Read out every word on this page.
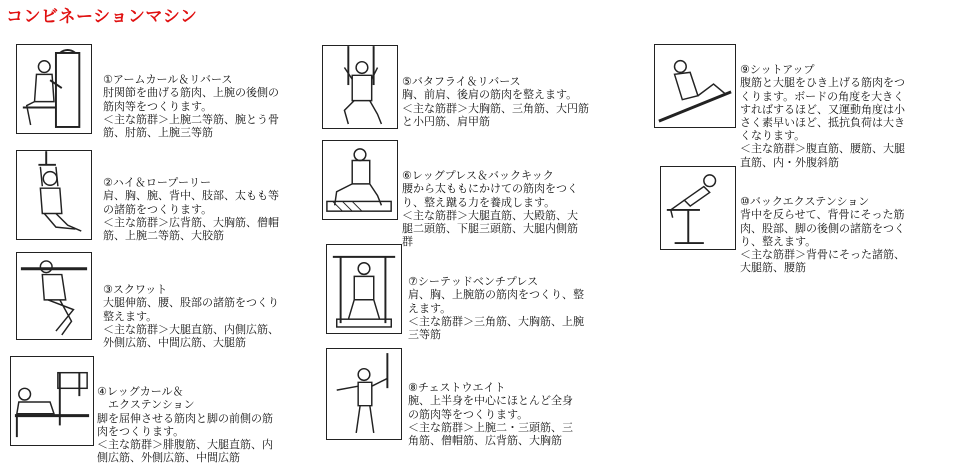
コンビネーションマシン

①アームカール＆リバース
肘関節を曲げる筋肉、上腕の後側の
筋肉等をつくります。
＜主な筋群＞上腕二等筋、腕とう骨
筋、肘筋、上腕三等筋

②ハイ＆ロープーリー
肩、胸、腕、背中、肢部、太もも等
の諸筋をつくります。
＜主な筋群＞広背筋、大胸筋、僧帽
筋、上腕二等筋、大胶筋

③スクワット
大腿伸筋、腰、股部の諸筋をつくり
整えます。
＜主な筋群＞大腿直筋、内側広筋、
外側広筋、中間広筋、大腿筋

④レッグカール＆
　エクステンション
脚を屈伸させる筋肉と脚の前側の筋
肉をつくります。
＜主な筋群＞腓腹筋、大腿直筋、内
側広筋、外側広筋、中間広筋

⑤バタフライ＆リバース
胸、前肩、後肩の筋肉を整えます。
＜主な筋群＞大胸筋、三角筋、大円筋
と小円筋、肩甲筋

⑥レッグプレス＆バックキック
腰から太ももにかけての筋肉をつく
り、整え蹴る力を養成します。
＜主な筋群＞大腿直筋、大殿筋、大
腿二頭筋、下腿三頭筋、大腿内側筋
群

⑦シーテッドベンチプレス
肩、胸、上腕筋の筋肉をつくり、整
えます。
＜主な筋群＞三角筋、大胸筋、上腕
三等筋

⑧チェストウエイト
腕、上半身を中心にほとんど全身
の筋肉等をつくります。
＜主な筋群＞上腕二・三頭筋、三
角筋、僧帽筋、広背筋、大胸筋

⑨シットアップ
腹筋と大腿をひき上げる筋肉をつ
くります。ボードの角度を大きく
すればするほど、又運動角度は小
さく素早いほど、抵抗負荷は大き
くなります。
＜主な筋群＞腹直筋、腰筋、大腿
直筋、内・外腹斜筋

⑩バックエクステンション
背中を反らせて、背骨にそった筋
肉、股部、脚の後側の諸筋をつく
り、整えます。
＜主な筋群＞背骨にそった諸筋、
大腿筋、腰筋
